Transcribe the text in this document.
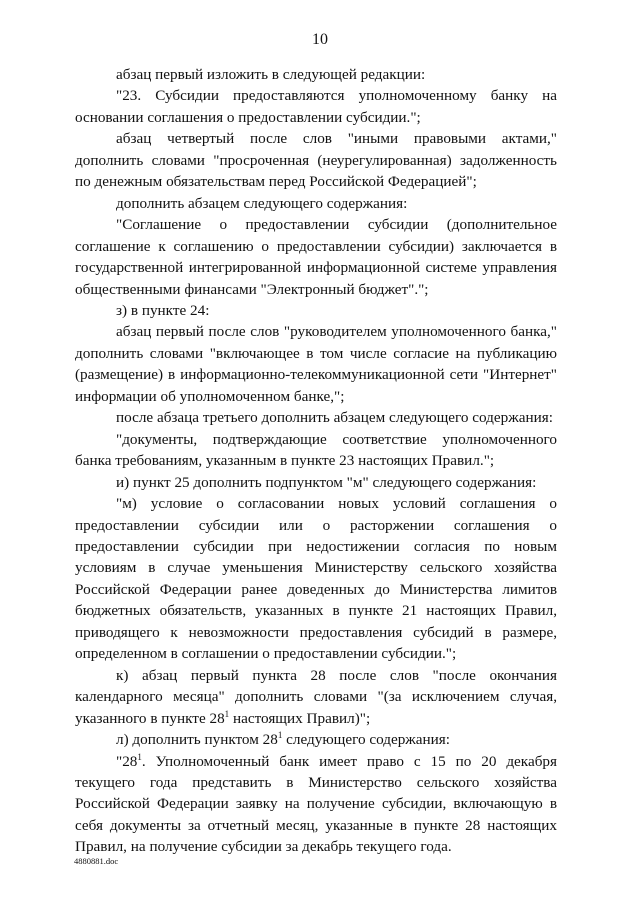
10

абзац первый изложить в следующей редакции:

"23. Субсидии предоставляются уполномоченному банку на основании соглашения о предоставлении субсидии.";

абзац четвертый после слов "иными правовыми актами," дополнить словами "просроченная (неурегулированная) задолженность по денежным обязательствам перед Российской Федерацией";

дополнить абзацем следующего содержания:

"Соглашение о предоставлении субсидии (дополнительное соглашение к соглашению о предоставлении субсидии) заключается в государственной интегрированной информационной системе управления общественными финансами "Электронный бюджет".";

з) в пункте 24:

абзац первый после слов "руководителем уполномоченного банка," дополнить словами "включающее в том числе согласие на публикацию (размещение) в информационно-телекоммуникационной сети "Интернет" информации об уполномоченном банке,";

после абзаца третьего дополнить абзацем следующего содержания:

"документы, подтверждающие соответствие уполномоченного банка требованиям, указанным в пункте 23 настоящих Правил.";

и) пункт 25 дополнить подпунктом "м" следующего содержания:

"м) условие о согласовании новых условий соглашения о предоставлении субсидии или о расторжении соглашения о предоставлении субсидии при недостижении согласия по новым условиям в случае уменьшения Министерству сельского хозяйства Российской Федерации ранее доведенных до Министерства лимитов бюджетных обязательств, указанных в пункте 21 настоящих Правил, приводящего к невозможности предоставления субсидий в размере, определенном в соглашении о предоставлении субсидии.";

к) абзац первый пункта 28 после слов "после окончания календарного месяца" дополнить словами "(за исключением случая, указанного в пункте $28^1$ настоящих Правил)";

л) дополнить пунктом $28^1$ следующего содержания:

"$28^1$. Уполномоченный банк имеет право с 15 по 20 декабря текущего года представить в Министерство сельского хозяйства Российской Федерации заявку на получение субсидии, включающую в себя документы за отчетный месяц, указанные в пункте 28 настоящих Правил, на получение субсидии за декабрь текущего года.

4880881.doc
